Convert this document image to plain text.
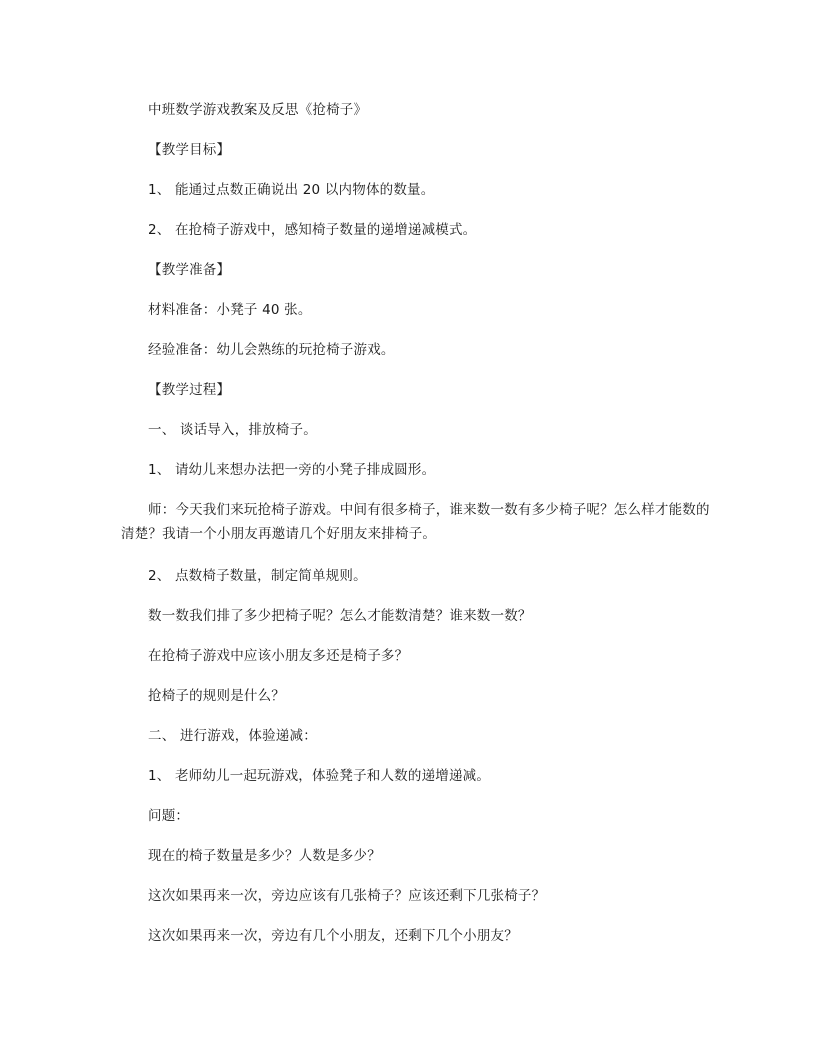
中班数学游戏教案及反思《抢椅子》
【教学目标】
1、 能通过点数正确说出 20 以内物体的数量。
2、 在抢椅子游戏中，感知椅子数量的递增递减模式。
【教学准备】
材料准备：小凳子 40 张。
经验准备：幼儿会熟练的玩抢椅子游戏。
【教学过程】
一、 谈话导入，排放椅子。
1、 请幼儿来想办法把一旁的小凳子排成圆形。
师：今天我们来玩抢椅子游戏。中间有很多椅子，谁来数一数有多少椅子呢？怎么样才能数的清楚？我请一个小朋友再邀请几个好朋友来排椅子。
2、 点数椅子数量，制定简单规则。
数一数我们排了多少把椅子呢？怎么才能数清楚？谁来数一数？
在抢椅子游戏中应该小朋友多还是椅子多？
抢椅子的规则是什么？
二、 进行游戏，体验递减：
1、 老师幼儿一起玩游戏，体验凳子和人数的递增递减。
问题：
现在的椅子数量是多少？人数是多少？
这次如果再来一次，旁边应该有几张椅子？应该还剩下几张椅子？
这次如果再来一次，旁边有几个小朋友，还剩下几个小朋友？
